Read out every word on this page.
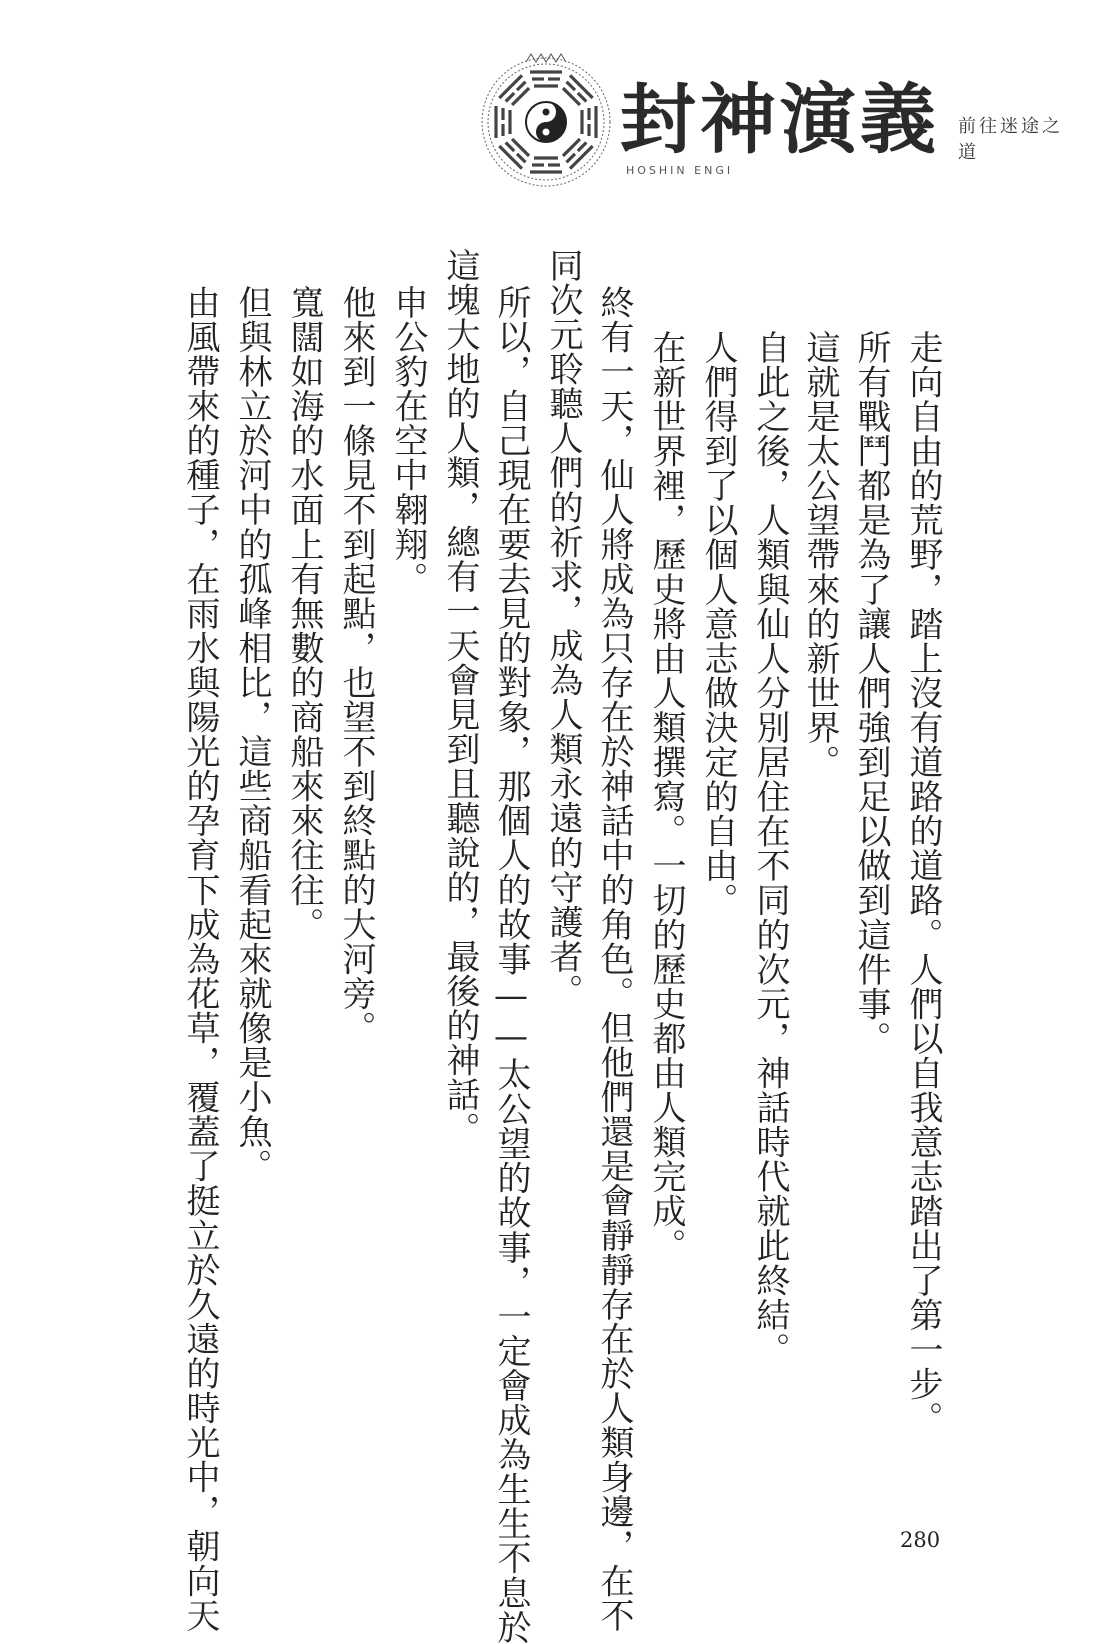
封神演義
HOSHIN ENGI
前往迷途之道
走向自由的荒野，踏上沒有道路的道路。人們以自我意志踏出了第一步。
所有戰鬥都是為了讓人們強到足以做到這件事。
這就是太公望帶來的新世界。
自此之後，人類與仙人分別居住在不同的次元，神話時代就此終結。
人們得到了以個人意志做決定的自由。
在新世界裡，歷史將由人類撰寫。一切的歷史都由人類完成。
終有一天，仙人將成為只存在於神話中的角色。但他們還是會靜靜存在於人類身邊，在不
同次元聆聽人們的祈求，成為人類永遠的守護者。
所以，自己現在要去見的對象，那個人的故事——太公望的故事，一定會成為生生不息於
這塊大地的人類，總有一天會見到且聽說的，最後的神話。
申公豹在空中翱翔。
他來到一條見不到起點，也望不到終點的大河旁。
寬闊如海的水面上有無數的商船來來往往。
但與林立於河中的孤峰相比，這些商船看起來就像是小魚。
由風帶來的種子，在雨水與陽光的孕育下成為花草，覆蓋了挺立於久遠的時光中，朝向天	280
